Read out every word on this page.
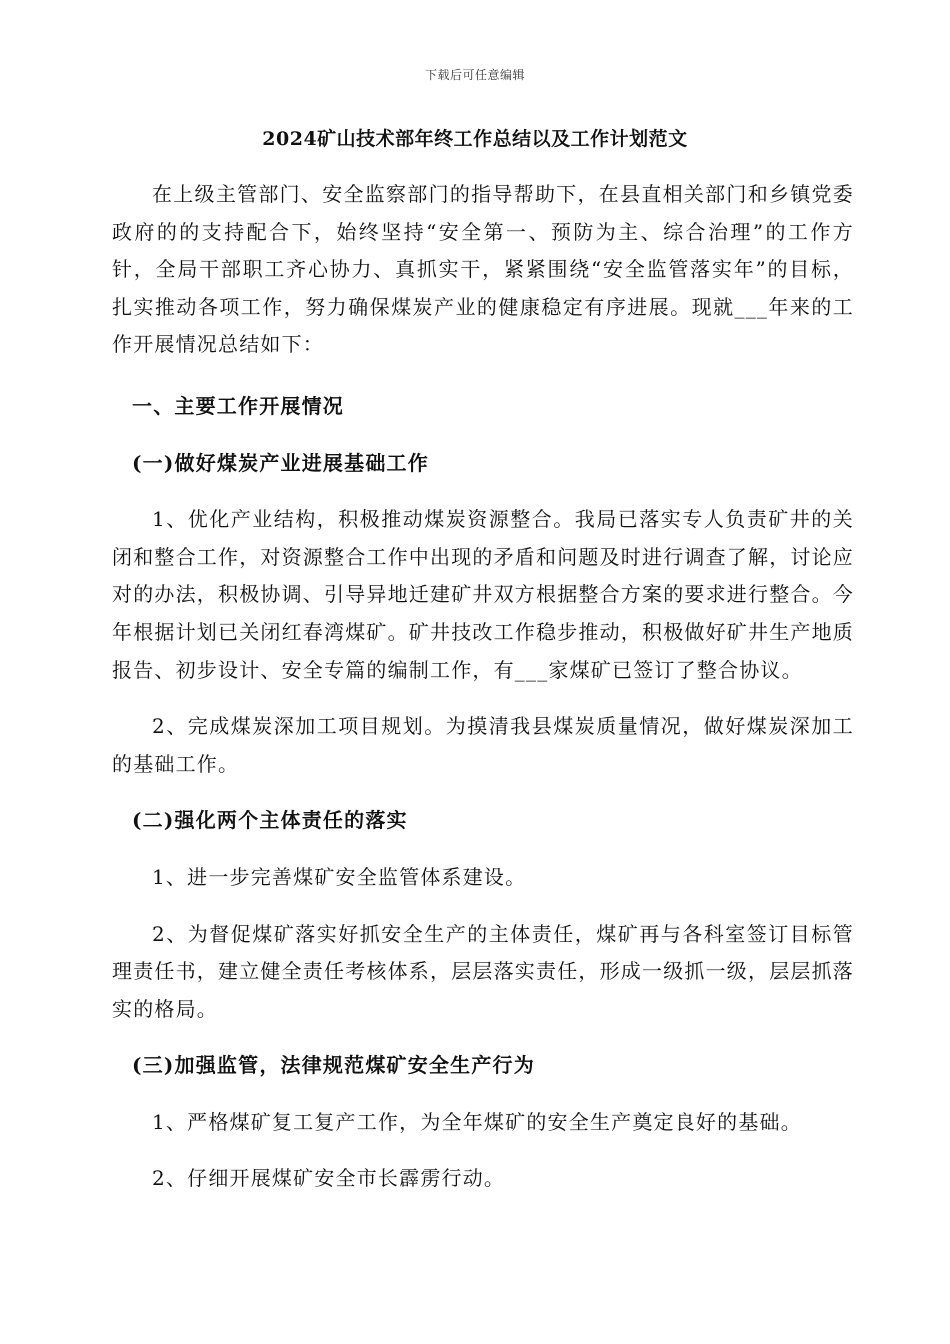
下载后可任意编辑
2024矿山技术部年终工作总结以及工作计划范文

在上级主管部门、安全监察部门的指导帮助下，在县直相关部门和乡镇党委政府的的支持配合下，始终坚持“安全第一、预防为主、综合治理”的工作方针，全局干部职工齐心协力、真抓实干，紧紧围绕“安全监管落实年”的目标，扎实推动各项工作，努力确保煤炭产业的健康稳定有序进展。现就___年来的工作开展情况总结如下：

一、主要工作开展情况

(一)做好煤炭产业进展基础工作

1、优化产业结构，积极推动煤炭资源整合。我局已落实专人负责矿井的关闭和整合工作，对资源整合工作中出现的矛盾和问题及时进行调查了解，讨论应对的办法，积极协调、引导异地迁建矿井双方根据整合方案的要求进行整合。今年根据计划已关闭红春湾煤矿。矿井技改工作稳步推动，积极做好矿井生产地质报告、初步设计、安全专篇的编制工作，有___家煤矿已签订了整合协议。

2、完成煤炭深加工项目规划。为摸清我县煤炭质量情况，做好煤炭深加工的基础工作。

(二)强化两个主体责任的落实

1、进一步完善煤矿安全监管体系建设。

2、为督促煤矿落实好抓安全生产的主体责任，煤矿再与各科室签订目标管理责任书，建立健全责任考核体系，层层落实责任，形成一级抓一级，层层抓落实的格局。

(三)加强监管，法律规范煤矿安全生产行为

1、严格煤矿复工复产工作，为全年煤矿的安全生产奠定良好的基础。

2、仔细开展煤矿安全市长霹雳行动。
